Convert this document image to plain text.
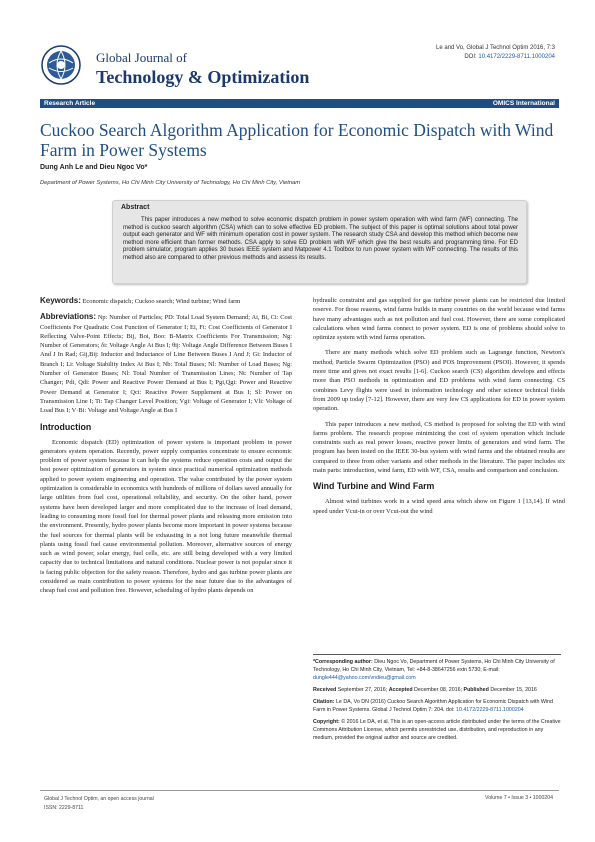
Global Journal of
Technology & Optimization
Le and Vo, Global J Technol Optim 2016, 7:3
DOI: 10.4172/2229-8711.1000204
Research Article	OMICS International
Cuckoo Search Algorithm Application for Economic Dispatch with Wind Farm in Power Systems
Dung Anh Le and Dieu Ngoc Vo*
Department of Power Systems, Ho Chi Minh City University of Technology, Ho Chi Minh City, Vietnam
Abstract
This paper introduces a new method to solve economic dispatch problem in power system operation with wind farm (WF) connecting. The method is cuckoo search algorithm (CSA) which can to solve effective ED problem. The subject of this paper is optimal solutions about total power output each generator and WF with minimum operation cost in power system. The research study CSA and develop this method which become new method more efficient than former methods. CSA apply to solve ED problem with WF which give the best results and programming time. For ED problem simulator, program applies 30 buses IEEE system and Matpower 4.1 Toolbox to run power system with WF connecting. The results of this method also are compared to other previous methods and assess its results.

Keywords: Economic dispatch; Cuckoo search; Wind turbine; Wind farm

Abbreviations: Np: Number of Particles; PD: Total Load System Demand; Ai, Bi, Ci: Cost Coefficients For Quadratic Cost Function of Generator I; Ei, Fi: Cost Coefficients of Generator I Reflecting Valve-Point Effects; Bij, Boi, Boo: B-Matrix Coefficients For Transmission; Ng: Number of Generators; δi: Voltage Angle At Bus I; θij: Voltage Angle Difference Between Buses I And J In Rad; Gij,Bij: Inductor and Inductance of Line Between Buses I And J; Gi: Inductor of Branch I; Li: Voltage Stability Index At Bus I; Nb: Total Buses; Nl: Number of Load Buses; Ng: Number of Generator Buses; Nl: Total Number of Transmission Lines; Nt: Number of Tap Changer; Pdi, Qdi: Power and Reactive Power Demand at Bus I; Pgi,Qgi: Power and Reactive Power Demand at Generator I; Qci: Reactive Power Supplement at Bus I; Sl: Power on Transmission Line I; Ti: Tap Changer Level Position; Vgi: Voltage of Generator I; Vli: Voltage of Load Bus I; V·Bi: Voltage and Voltage Angle at Bus I

Introduction

Economic dispatch (ED) optimization of power system is important problem in power generators system operation. Recently, power supply companies concentrate to ensure economic problem of power system because it can help the systems reduce operation costs and output the best power optimization of generators in system since practical numerical optimization methods applied to power system engineering and operation. The value contributed by the power system optimization is considerable in economics with hundreds of millions of dollars saved annually for large utilities from fuel cost, operational reliability, and security. On the other hand, power systems have been developed larger and more complicated due to the increase of load demand, leading to consuming more fossil fuel for thermal power plants and releasing more emission into the environment. Presently, hydro power plants become more important in power systems because the fuel sources for thermal plants will be exhausting in a not long future meanwhile thermal plants using fossil fuel cause environmental pollution. Moreover, alternative sources of energy such as wind power, solar energy, fuel cells, etc. are still being developed with a very limited capacity due to technical limitations and natural conditions. Nuclear power is not popular since it is facing public objection for the safety reason. Therefore, hydro and gas turbine power plants are considered as main contribution to power systems for the near future due to the advantages of cheap fuel cost and pollution free. However, scheduling of hydro plants depends on

hydraulic constraint and gas supplied for gas turbine power plants can be restricted due limited reserve. For those reasons, wind farms builds in many countries on the world because wind farms have many advantages such as not pollution and fuel cost. However, there are some complicated calculations when wind farms connect to power system. ED is one of problems should solve to optimize system with wind farms operation.

There are many methods which solve ED problem such as Lagrange function, Newton's method, Particle Swarm Optimization (PSO) and POS Improvement (PSOI). However, it spends more time and gives not exact results [1-6]. Cuckoo search (CS) algorithm develops and effects more than PSO methods in optimization and ED problems with wind farm connecting. CS combines Levy flights were used in information technology and other science technical fields from 2009 up today [7-12]. However, there are very few CS applications for ED in power system operation.

This paper introduces a new method, CS method is proposed for solving the ED with wind farms problem. The research propose minimizing the cost of system operation which include constraints such as real power losses, reactive power limits of generators and wind farm. The program has been tested on the IEEE 30-bus system with wind farms and the obtained results are compared to three from other variants and other methods in the literature. The paper includes six main parts: introduction, wind farm, ED with WF, CSA, results and comparison and conclusion.

Wind Turbine and Wind Farm

Almost wind turbines work in a wind speed area which show on Figure 1 [13,14]. If wind speed under Vcut-in or over Vcut-out the wind

*Corresponding author: Dieu Ngoc Vo, Department of Power Systems, Ho Chi Minh City University of Technology, Ho Chi Minh City, Vietnam, Tel: +84-8-38647256 extn 5730; E-mail: dungle444@yahoo.com/vndieu@gmail.com

Received September 27, 2016; Accepted December 08, 2016; Published December 15, 2016

Citation: Le DA, Vo DN (2016) Cuckoo Search Algorithm Application for Economic Dispatch with Wind Farm in Power Systems. Global J Technol Optim 7: 204. doi: 10.4172/2229-8711.1000204

Copyright: © 2016 Le DA, et al. This is an open-access article distributed under the terms of the Creative Commons Attribution License, which permits unrestricted use, distribution, and reproduction in any medium, provided the original author and source are credited.

Global J Technol Optim, an open access journal
ISSN: 2229-8711
Volume 7 • Issue 3 • 1000204
